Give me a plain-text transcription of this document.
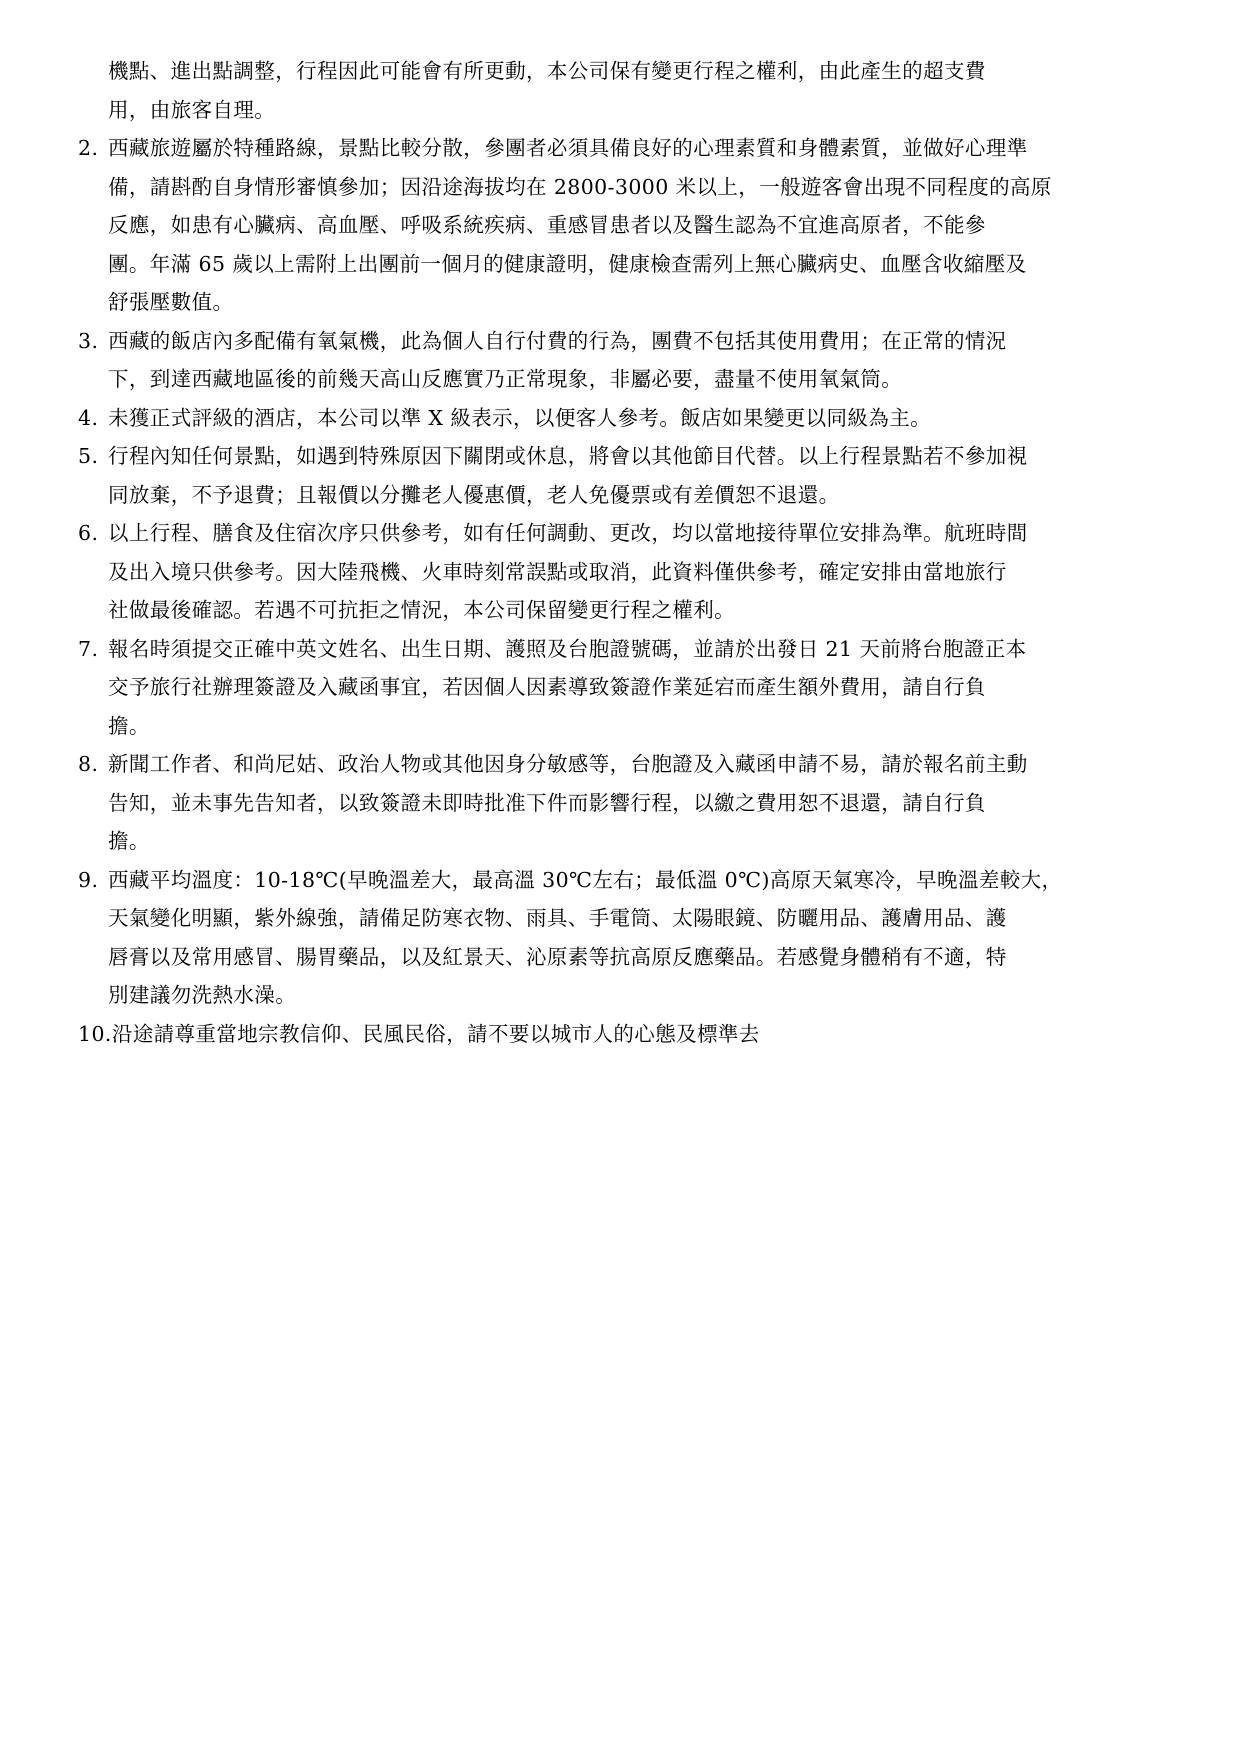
機點、進出點調整，行程因此可能會有所更動，本公司保有變更行程之權利，由此產生的超支費
用，由旅客自理。
2. 西藏旅遊屬於特種路線，景點比較分散，參團者必須具備良好的心理素質和身體素質，並做好心理準
備，請斟酌自身情形審慎參加；因沿途海拔均在 2800-3000 米以上，一般遊客會出現不同程度的高原
反應，如患有心臟病、高血壓、呼吸系統疾病、重感冒患者以及醫生認為不宜進高原者，不能參
團。年滿 65 歲以上需附上出團前一個月的健康證明，健康檢查需列上無心臟病史、血壓含收縮壓及
舒張壓數值。
3. 西藏的飯店內多配備有氧氣機，此為個人自行付費的行為，團費不包括其使用費用；在正常的情況
下，到達西藏地區後的前幾天高山反應實乃正常現象，非屬必要，盡量不使用氧氣筒。
4. 未獲正式評級的酒店，本公司以準 X 級表示，以便客人參考。飯店如果變更以同級為主。
5. 行程內知任何景點，如遇到特殊原因下關閉或休息，將會以其他節目代替。以上行程景點若不參加視
同放棄，不予退費；且報價以分攤老人優惠價，老人免優票或有差價恕不退還。
6. 以上行程、膳食及住宿次序只供參考，如有任何調動、更改，均以當地接待單位安排為準。航班時間
及出入境只供參考。因大陸飛機、火車時刻常誤點或取消，此資料僅供參考，確定安排由當地旅行
社做最後確認。若遇不可抗拒之情況，本公司保留變更行程之權利。
7. 報名時須提交正確中英文姓名、出生日期、護照及台胞證號碼，並請於出發日 21 天前將台胞證正本
交予旅行社辦理簽證及入藏函事宜，若因個人因素導致簽證作業延宕而產生額外費用，請自行負
擔。
8. 新聞工作者、和尚尼姑、政治人物或其他因身分敏感等，台胞證及入藏函申請不易，請於報名前主動
告知，並未事先告知者，以致簽證未即時批准下件而影響行程，以繳之費用恕不退還，請自行負
擔。
9. 西藏平均溫度：10-18℃(早晚溫差大，最高溫 30℃左右；最低溫 0℃)高原天氣寒冷，早晚溫差較大，
天氣變化明顯，紫外線強，請備足防寒衣物、雨具、手電筒、太陽眼鏡、防曬用品、護膚用品、護
唇膏以及常用感冒、腸胃藥品，以及紅景天、沁原素等抗高原反應藥品。若感覺身體稍有不適，特
別建議勿洗熱水澡。
10. 沿途請尊重當地宗教信仰、民風民俗，請不要以城市人的心態及標準去
